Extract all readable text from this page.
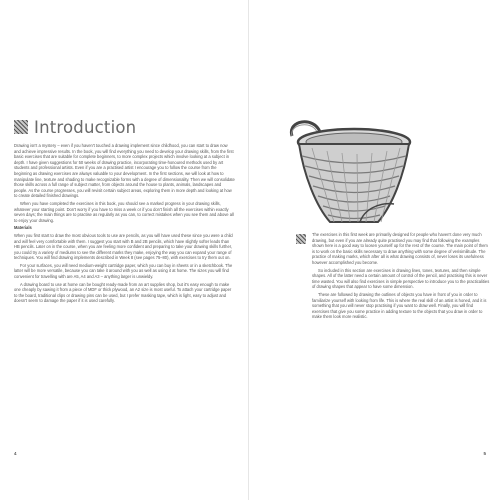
Introduction

Drawing isn't a mystery – even if you haven't touched a drawing implement since childhood, you can start to draw now and achieve impressive results. In the book, you will find everything you need to develop your drawing skills, from the first basic exercises that are suitable for complete beginners, to more complex projects which involve looking at a subject in depth. I have given suggestions for 50 weeks of drawing practice, incorporating time-honoured methods used by art students and professional artists. Even if you are a practised artist I encourage you to follow the course from the beginning as drawing exercises are always valuable to your development. In the first sections, we will look at how to manipulate line, texture and shading to make recognizable forms with a degree of dimensionality. Then we will consolidate those skills across a full range of subject matter, from objects around the house to plants, animals, landscapes and people. As the course progresses, you will revisit certain subject areas, exploring them in more depth and looking at how to create detailed finished drawings.

When you have completed the exercises in this book, you should see a marked progress in your drawing skills, whatever your starting point. Don't worry if you have to miss a week or if you don't finish all the exercises within exactly seven days; the main things are to practise as regularly as you can, to correct mistakes when you see them and above all to enjoy your drawing.

Materials

When you first start to draw the most obvious tools to use are pencils, as you will have used these since you were a child and will feel very comfortable with them. I suggest you start with B and 2B pencils, which have slightly softer leads than HB pencils. Later on in the course, when you are feeling more confident and preparing to take your drawing skills further, you could try a variety of mediums to see the different marks they make, enjoying the way you can expand your range of techniques. You will find drawing implements described in Week 8 (see pages 75–80), with exercises to try them out on.

For your surfaces, you will need medium-weight cartridge paper, which you can buy in sheets or in a sketchbook. The latter will be more versatile, because you can take it around with you as well as using it at home. The sizes you will find convenient for travelling with are A5, A4 and A3 – anything larger is unwieldy.

A drawing board to use at home can be bought ready-made from an art supplies shop, but it's easy enough to make one cheaply by sawing it from a piece of MDF or thick plywood, an A2 size is most useful. To attach your cartridge paper to the board, traditional clips or drawing pins can be used, but I prefer masking tape, which is light, easy to adjust and doesn't seem to damage the paper if it is used carefully.

4

The exercises in this first week are primarily designed for people who haven't done very much drawing, but even if you are already quite practised you may find that following the examples shown here is a good way to loosen yourself up for the rest of the course. The main point of them is to work on the basic skills necessary to draw anything with some degree of verisimilitude. The practice of making marks, which after all is what drawing consists of, never loses its usefulness however accomplished you become.

So included in this section are exercises in drawing lines, tones, textures, and then simple shapes. All of the latter need a certain amount of control of the pencil, and practising this is never time wasted. You will also find exercises in simple perspective to introduce you to the practicalities of drawing shapes that appear to have some dimension.

These are followed by drawing the outlines of objects you have in front of you in order to familiarize yourself with looking from life. This is where the real skill of an artist is honed, and it is something that you will never stop practising if you want to draw well. Finally, you will find exercises that give you some practice in adding texture to the objects that you draw in order to make them look more realistic.

5
